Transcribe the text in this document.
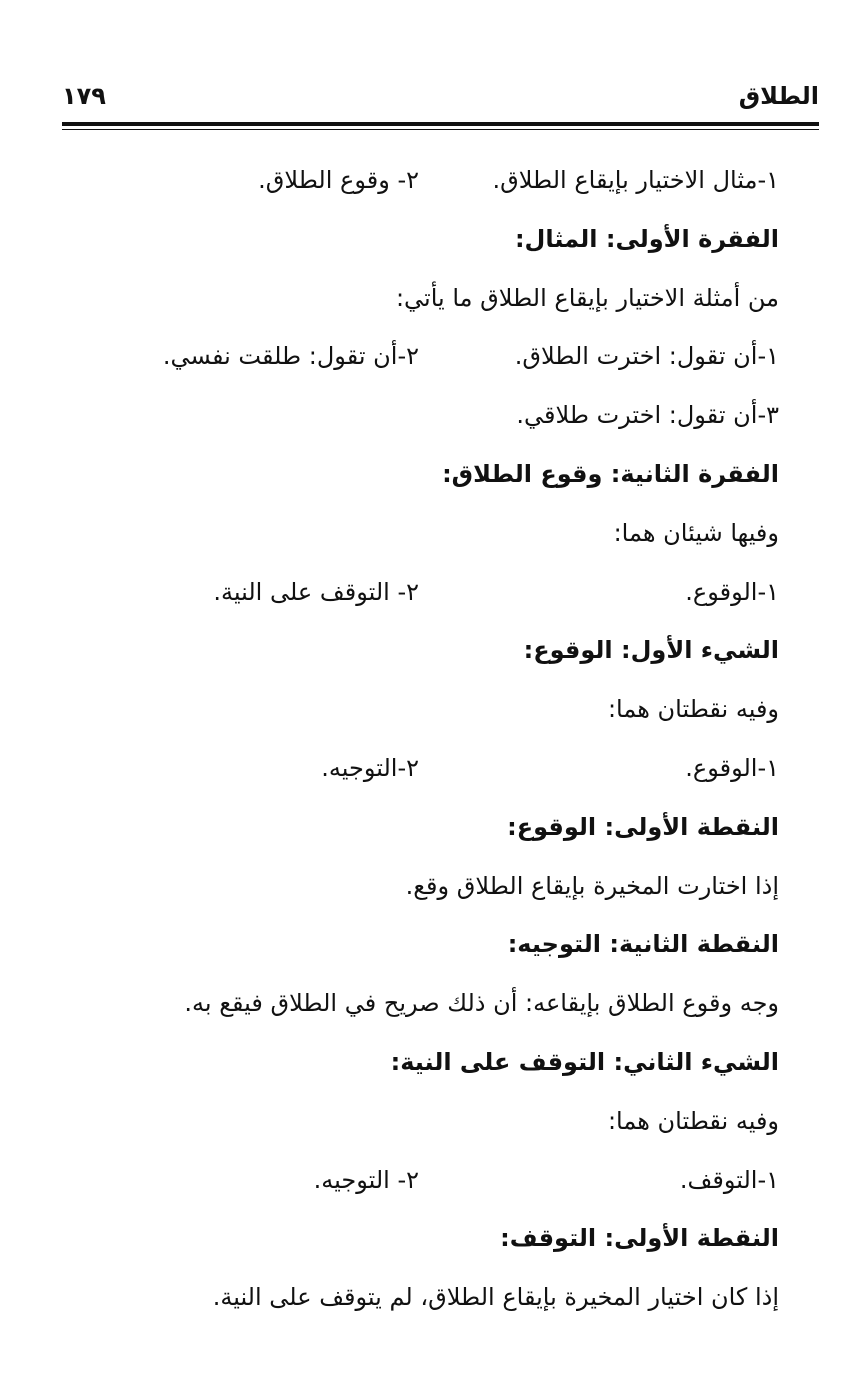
الطلاق
١٧٩
١-مثال الاختيار بإيقاع الطلاق.
٢- وقوع الطلاق.
الفقرة الأولى: المثال:
من أمثلة الاختيار بإيقاع الطلاق ما يأتي:
١-أن تقول: اخترت الطلاق.
٢-أن تقول: طلقت نفسي.
٣-أن تقول: اخترت طلاقي.
الفقرة الثانية: وقوع الطلاق:
وفيها شيئان هما:
١-الوقوع.
٢- التوقف على النية.
الشيء الأول: الوقوع:
وفيه نقطتان هما:
١-الوقوع.
٢-التوجيه.
النقطة الأولى: الوقوع:
إذا اختارت المخيرة بإيقاع الطلاق وقع.
النقطة الثانية: التوجيه:
وجه وقوع الطلاق بإيقاعه: أن ذلك صريح في الطلاق فيقع به.
الشيء الثاني: التوقف على النية:
وفيه نقطتان هما:
١-التوقف.
٢- التوجيه.
النقطة الأولى: التوقف:
إذا كان اختيار المخيرة بإيقاع الطلاق، لم يتوقف على النية.
